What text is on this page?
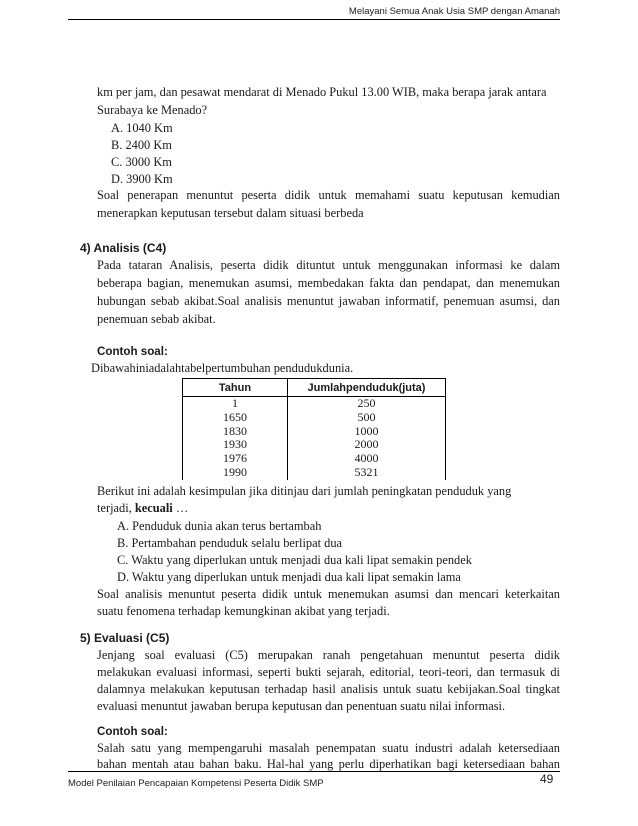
Melayani Semua Anak Usia SMP dengan Amanah
km per jam, dan pesawat mendarat di Menado Pukul 13.00 WIB, maka berapa jarak antara
Surabaya ke Menado?
A. 1040 Km
B. 2400 Km
C. 3000 Km
D. 3900 Km
Soal penerapan menuntut peserta didik untuk memahami suatu keputusan kemudian
menerapkan keputusan tersebut dalam situasi berbeda
4) Analisis (C4)
Pada tataran Analisis, peserta didik dituntut untuk menggunakan informasi ke dalam
beberapa bagian, menemukan asumsi, membedakan fakta dan pendapat, dan menemukan
hubungan sebab akibat.Soal analisis menuntut jawaban informatif, penemuan asumsi, dan
penemuan sebab akibat.
Contoh soal:
Dibawahiniadalahtabelpertumbuhan pendudukdunia.
Tahun	Jumlahpenduduk(juta)
1	250
1650	500
1830	1000
1930	2000
1976	4000
1990	5321
Berikut ini adalah kesimpulan jika ditinjau dari jumlah peningkatan penduduk yang
terjadi, kecuali …
A. Penduduk dunia akan terus bertambah
B. Pertambahan penduduk selalu berlipat dua
C. Waktu yang diperlukan untuk menjadi dua kali lipat semakin pendek
D. Waktu yang diperlukan untuk menjadi dua kali lipat semakin lama
Soal analisis menuntut peserta didik untuk menemukan asumsi dan mencari keterkaitan
suatu fenomena terhadap kemungkinan akibat yang terjadi.
5) Evaluasi (C5)
Jenjang soal evaluasi (C5) merupakan ranah pengetahuan menuntut peserta didik
melakukan evaluasi informasi, seperti bukti sejarah, editorial, teori-teori, dan termasuk di
dalamnya melakukan keputusan terhadap hasil analisis untuk suatu kebijakan.Soal tingkat
evaluasi menuntut jawaban berupa keputusan dan penentuan suatu nilai informasi.
Contoh soal:
Salah satu yang mempengaruhi masalah penempatan suatu industri adalah ketersediaan
bahan mentah atau bahan baku. Hal-hal yang perlu diperhatikan bagi ketersediaan bahan
Model Penilaian Pencapaian Kompetensi Peserta Didik SMP	49
